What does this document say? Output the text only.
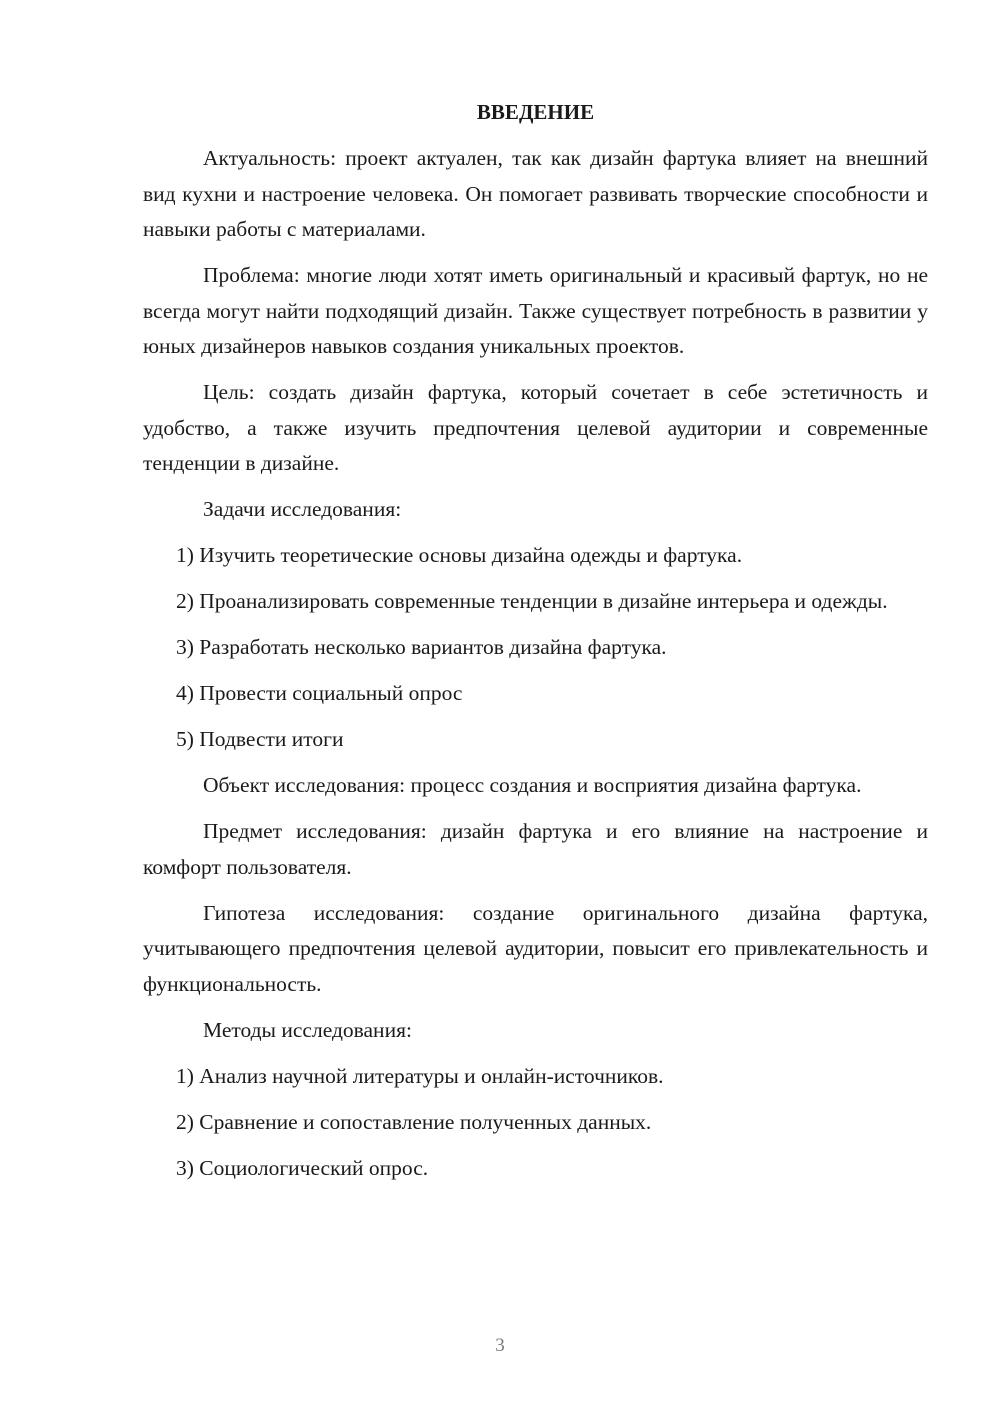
ВВЕДЕНИЕ

Актуальность: проект актуален, так как дизайн фартука влияет на внешний вид кухни и настроение человека. Он помогает развивать творческие способности и навыки работы с материалами.

Проблема: многие люди хотят иметь оригинальный и красивый фартук, но не всегда могут найти подходящий дизайн. Также существует потребность в развитии у юных дизайнеров навыков создания уникальных проектов.

Цель: создать дизайн фартука, который сочетает в себе эстетичность и удобство, а также изучить предпочтения целевой аудитории и современные тенденции в дизайне.

Задачи исследования:

1) Изучить теоретические основы дизайна одежды и фартука.

2) Проанализировать современные тенденции в дизайне интерьера и одежды.

3) Разработать несколько вариантов дизайна фартука.

4) Провести социальный опрос

5) Подвести итоги

Объект исследования: процесс создания и восприятия дизайна фартука.

Предмет исследования: дизайн фартука и его влияние на настроение и комфорт пользователя.

Гипотеза исследования: создание оригинального дизайна фартука, учитывающего предпочтения целевой аудитории, повысит его привлекательность и функциональность.

Методы исследования:

1) Анализ научной литературы и онлайн-источников.

2) Сравнение и сопоставление полученных данных.

3) Социологический опрос.

3
